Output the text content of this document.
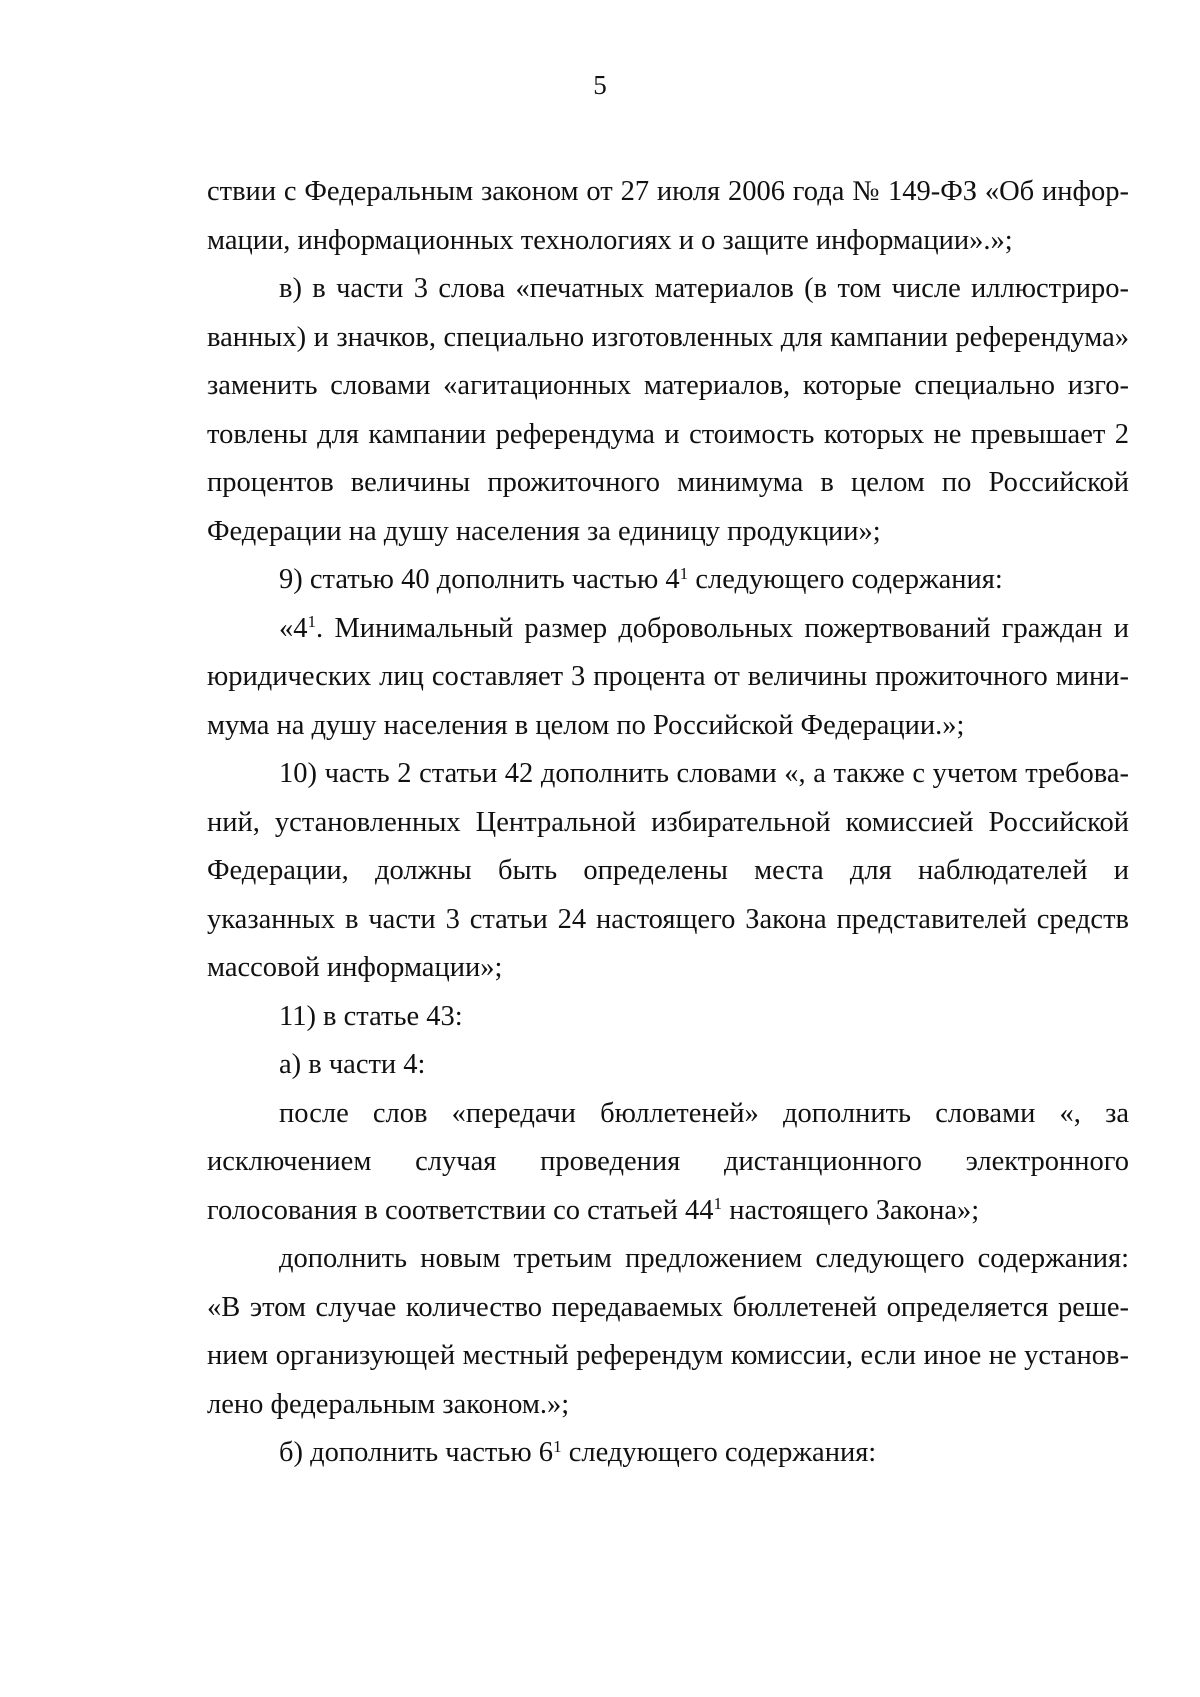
5

ствии с Федеральным законом от 27 июля 2006 года № 149-ФЗ «Об информации, информационных технологиях и о защите информации».»;

в) в части 3 слова «печатных материалов (в том числе иллюстрированных) и значков, специально изготовленных для кампании референдума» заменить словами «агитационных материалов, которые специально изготовлены для кампании референдума и стоимость которых не превышает 2 процентов величины прожиточного минимума в целом по Российской Федерации на душу населения за единицу продукции»;

9) статью 40 дополнить частью $4^1$ следующего содержания:

«$4^1$. Минимальный размер добровольных пожертвований граждан и юридических лиц составляет 3 процента от величины прожиточного минимума на душу населения в целом по Российской Федерации.»;

10) часть 2 статьи 42 дополнить словами «, а также с учетом требований, установленных Центральной избирательной комиссией Российской Федерации, должны быть определены места для наблюдателей и указанных в части 3 статьи 24 настоящего Закона представителей средств массовой информации»;

11) в статье 43:

а) в части 4:

после слов «передачи бюллетеней» дополнить словами «, за исключением случая проведения дистанционного электронного голосования в соответствии со статьей $44^1$ настоящего Закона»;

дополнить новым третьим предложением следующего содержания: «В этом случае количество передаваемых бюллетеней определяется решением организующей местный референдум комиссии, если иное не установлено федеральным законом.»;

б) дополнить частью $6^1$ следующего содержания:
